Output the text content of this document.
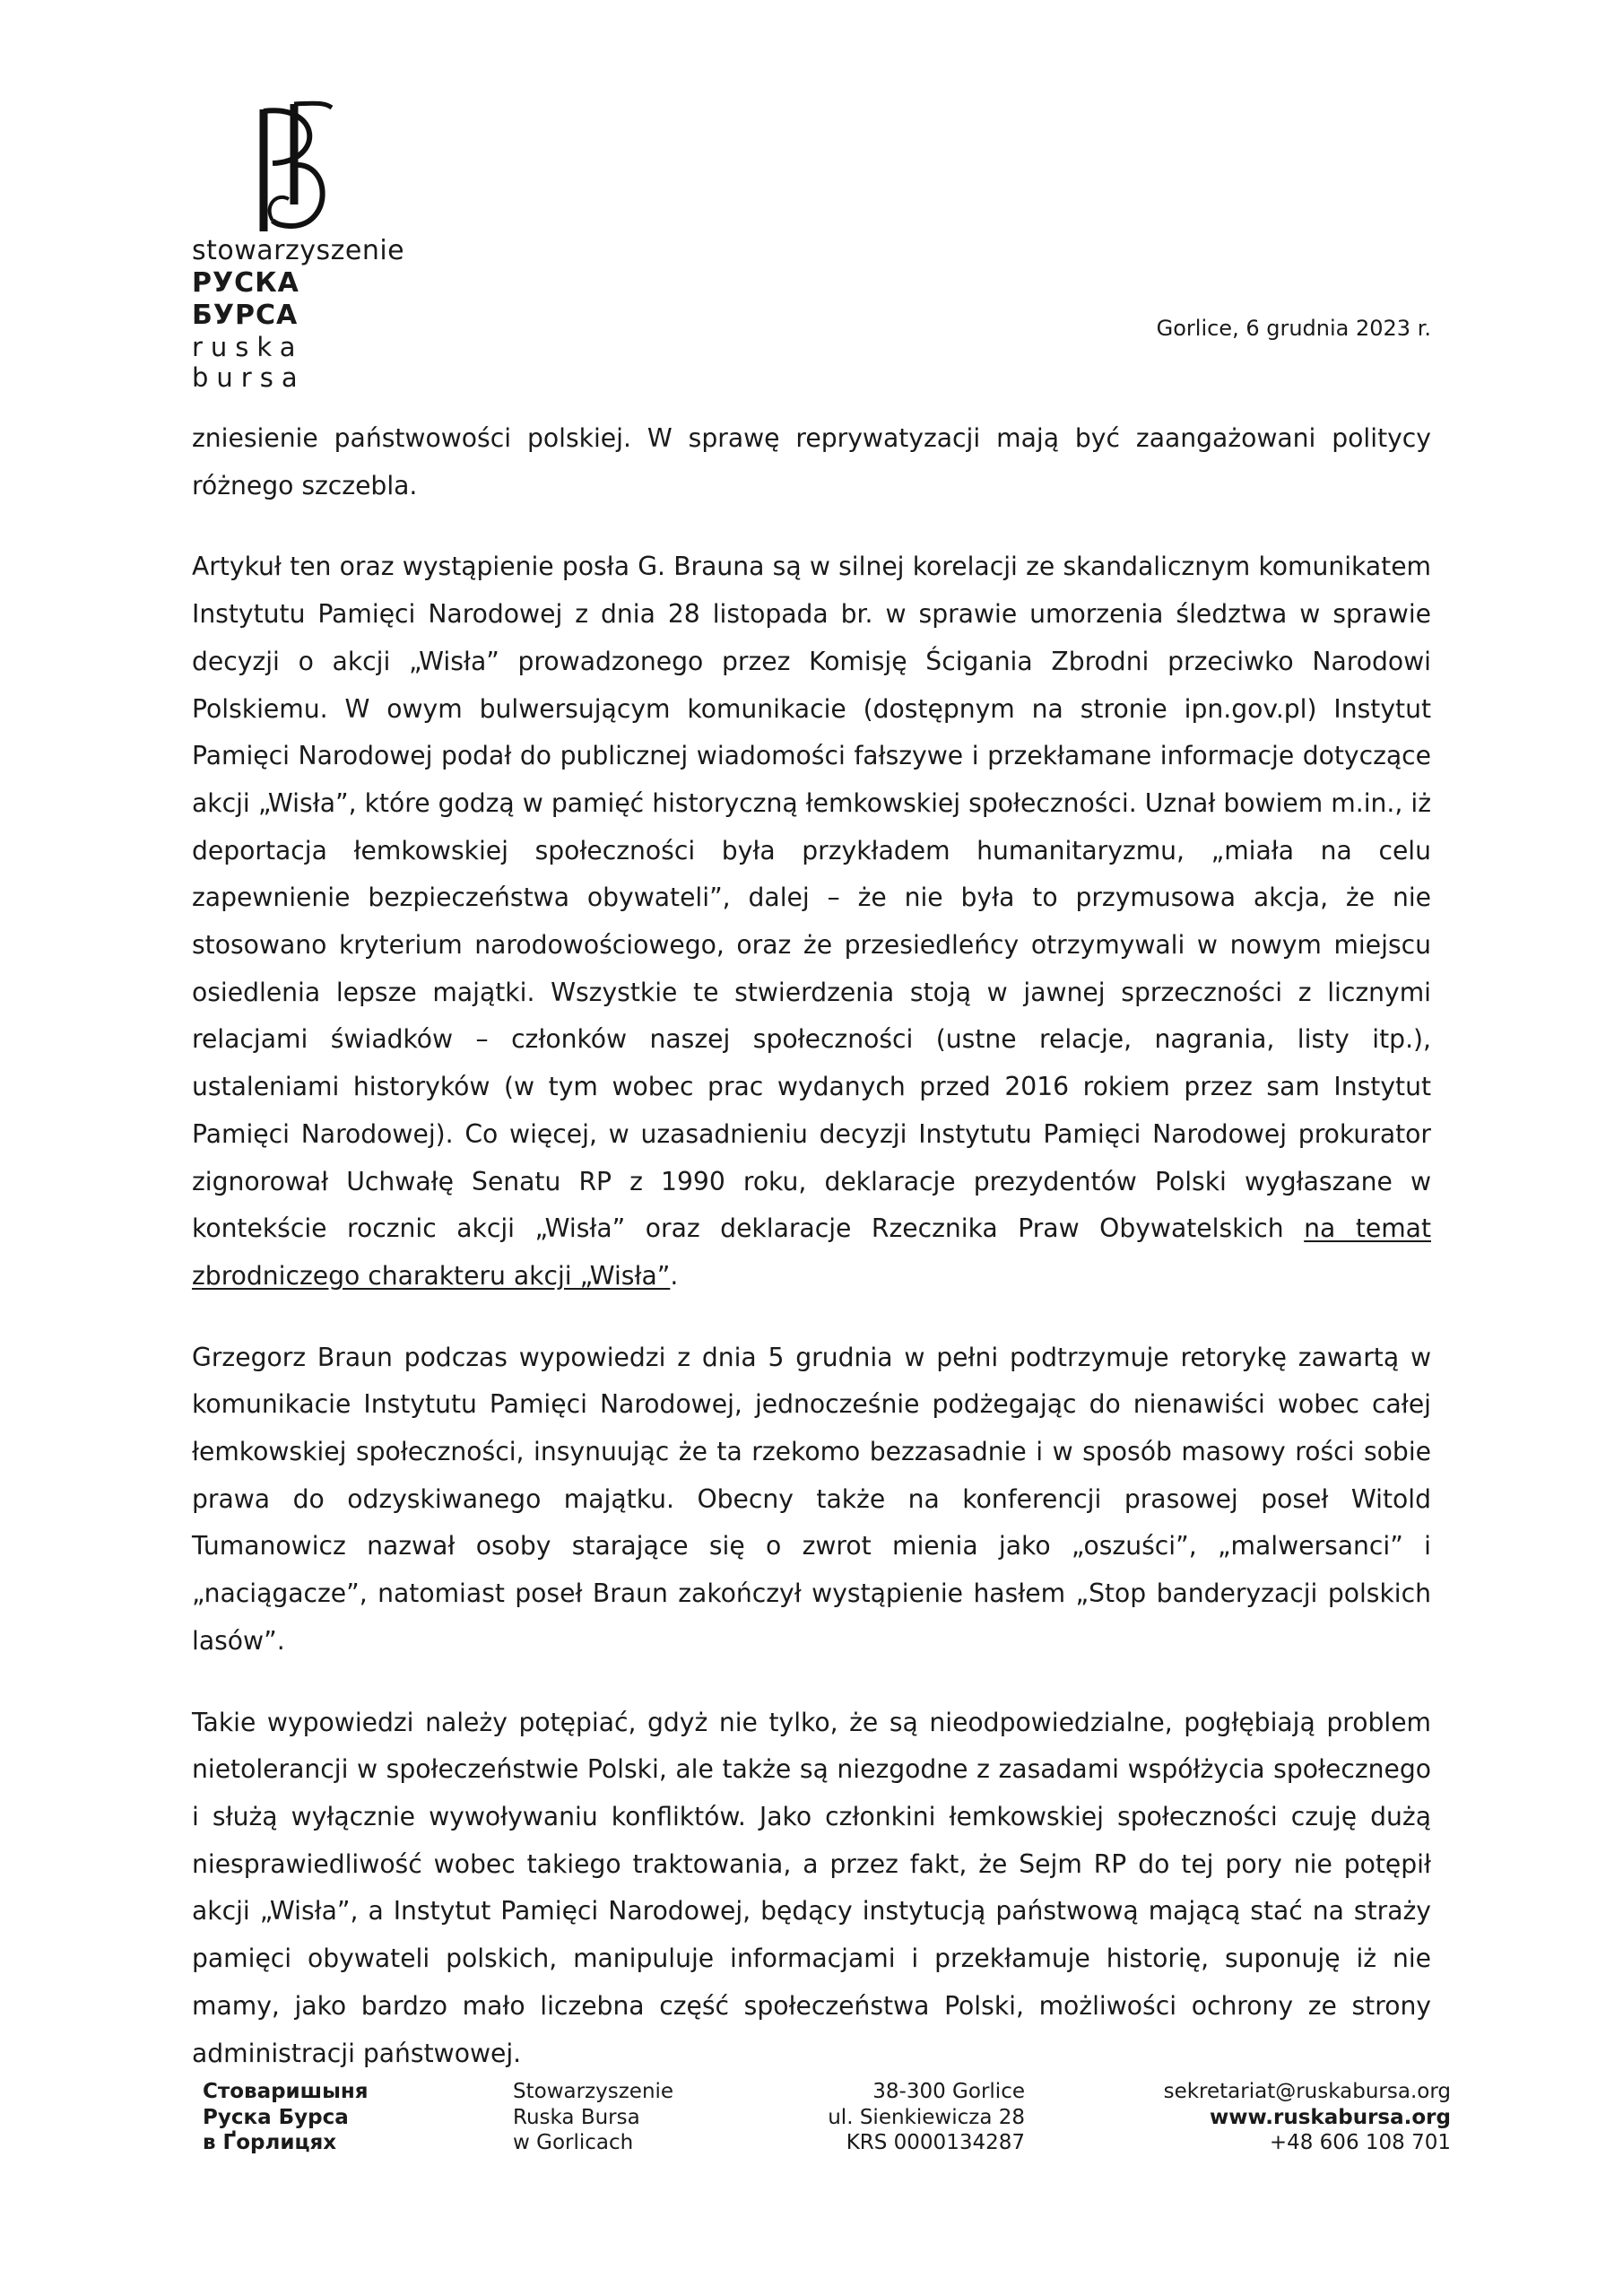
stowarzyszenie
РУСКА БУРСА
ruska bursa
Gorlice, 6 grudnia 2023 r.

zniesienie państwowości polskiej. W sprawę reprywatyzacji mają być zaangażowani politycy różnego szczebla.

Artykuł ten oraz wystąpienie posła G. Brauna są w silnej korelacji ze skandalicznym komunikatem Instytutu Pamięci Narodowej z dnia 28 listopada br. w sprawie umorzenia śledztwa w sprawie decyzji o akcji „Wisła” prowadzonego przez Komisję Ścigania Zbrodni przeciwko Narodowi Polskiemu. W owym bulwersującym komunikacie (dostępnym na stronie ipn.gov.pl) Instytut Pamięci Narodowej podał do publicznej wiadomości fałszywe i przekłamane informacje dotyczące akcji „Wisła”, które godzą w pamięć historyczną łemkowskiej społeczności. Uznał bowiem m.in., iż deportacja łemkowskiej społeczności była przykładem humanitaryzmu, „miała na celu zapewnienie bezpieczeństwa obywateli”, dalej – że nie była to przymusowa akcja, że nie stosowano kryterium narodowościowego, oraz że przesiedleńcy otrzymywali w nowym miejscu osiedlenia lepsze majątki. Wszystkie te stwierdzenia stoją w jawnej sprzeczności z licznymi relacjami świadków – członków naszej społeczności (ustne relacje, nagrania, listy itp.), ustaleniami historyków (w tym wobec prac wydanych przed 2016 rokiem przez sam Instytut Pamięci Narodowej). Co więcej, w uzasadnieniu decyzji Instytutu Pamięci Narodowej prokurator zignorował Uchwałę Senatu RP z 1990 roku, deklaracje prezydentów Polski wygłaszane w kontekście rocznic akcji „Wisła” oraz deklaracje Rzecznika Praw Obywatelskich na temat zbrodniczego charakteru akcji „Wisła”.

Grzegorz Braun podczas wypowiedzi z dnia 5 grudnia w pełni podtrzymuje retorykę zawartą w komunikacie Instytutu Pamięci Narodowej, jednocześnie podżegając do nienawiści wobec całej łemkowskiej społeczności, insynuując że ta rzekomo bezzasadnie i w sposób masowy rości sobie prawa do odzyskiwanego majątku. Obecny także na konferencji prasowej poseł Witold Tumanowicz nazwał osoby starające się o zwrot mienia jako „oszuści”, „malwersanci” i „naciągacze”, natomiast poseł Braun zakończył wystąpienie hasłem „Stop banderyzacji polskich lasów”.

Takie wypowiedzi należy potępiać, gdyż nie tylko, że są nieodpowiedzialne, pogłębiają problem nietolerancji w społeczeństwie Polski, ale także są niezgodne z zasadami współżycia społecznego i służą wyłącznie wywoływaniu konfliktów. Jako członkini łemkowskiej społeczności czuję dużą niesprawiedliwość wobec takiego traktowania, a przez fakt, że Sejm RP do tej pory nie potępił akcji „Wisła”, a Instytut Pamięci Narodowej, będący instytucją państwową mającą stać na straży pamięci obywateli polskich, manipuluje informacjami i przekłamuje historię, suponuję iż nie mamy, jako bardzo mało liczebna część społeczeństwa Polski, możliwości ochrony ze strony administracji państwowej.

Стоваришыня
Руска Бурса
в Ґорлицях
Stowarzyszenie
Ruska Bursa
w Gorlicach
38-300 Gorlice
ul. Sienkiewicza 28
KRS 0000134287
sekretariat@ruskabursa.org
www.ruskabursa.org
+48 606 108 701
